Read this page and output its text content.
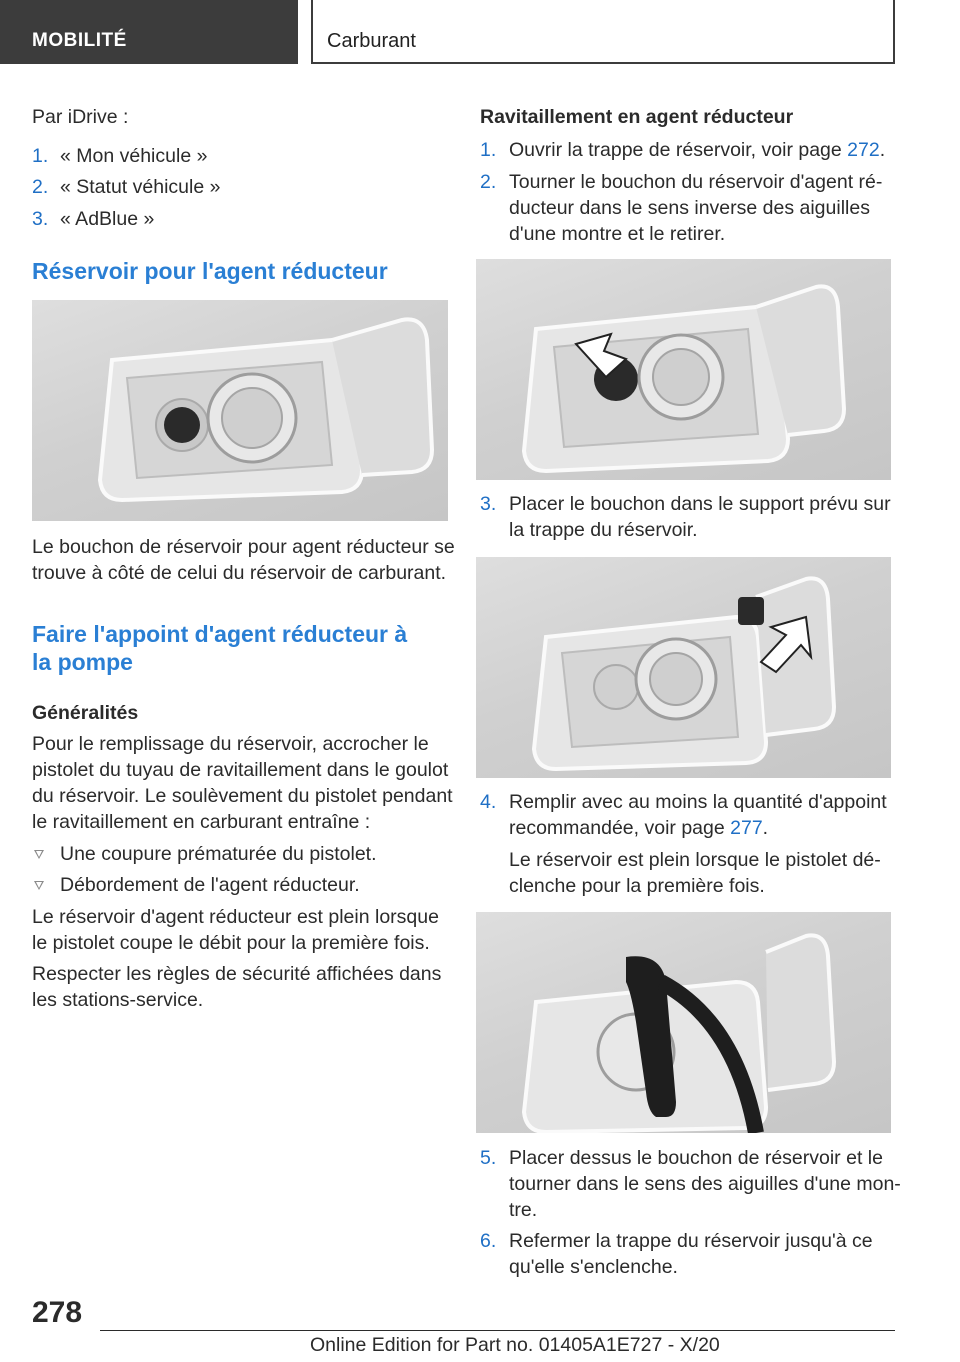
MOBILITÉ	Carburant
Par iDrive :
1. « Mon véhicule »
2. « Statut véhicule »
3. « AdBlue »
Réservoir pour l'agent réducteur
Le bouchon de réservoir pour agent réducteur se
trouve à côté de celui du réservoir de carburant.
Faire l'appoint d'agent réducteur à
la pompe
Généralités
Pour le remplissage du réservoir, accrocher le
pistolet du tuyau de ravitaillement dans le goulot
du réservoir. Le soulèvement du pistolet pendant
le ravitaillement en carburant entraîne :
Une coupure prématurée du pistolet.
Débordement de l'agent réducteur.
Le réservoir d'agent réducteur est plein lorsque
le pistolet coupe le débit pour la première fois.
Respecter les règles de sécurité affichées dans
les stations-service.
Ravitaillement en agent réducteur
1. Ouvrir la trappe de réservoir, voir page 272.
2. Tourner le bouchon du réservoir d'agent ré-
ducteur dans le sens inverse des aiguilles
d'une montre et le retirer.
3. Placer le bouchon dans le support prévu sur
la trappe du réservoir.
4. Remplir avec au moins la quantité d'appoint
recommandée, voir page 277.
Le réservoir est plein lorsque le pistolet dé-
clenche pour la première fois.
5. Placer dessus le bouchon de réservoir et le
tourner dans le sens des aiguilles d'une mon-
tre.
6. Refermer la trappe du réservoir jusqu'à ce
qu'elle s'enclenche.
278
Online Edition for Part no. 01405A1E727 - X/20
